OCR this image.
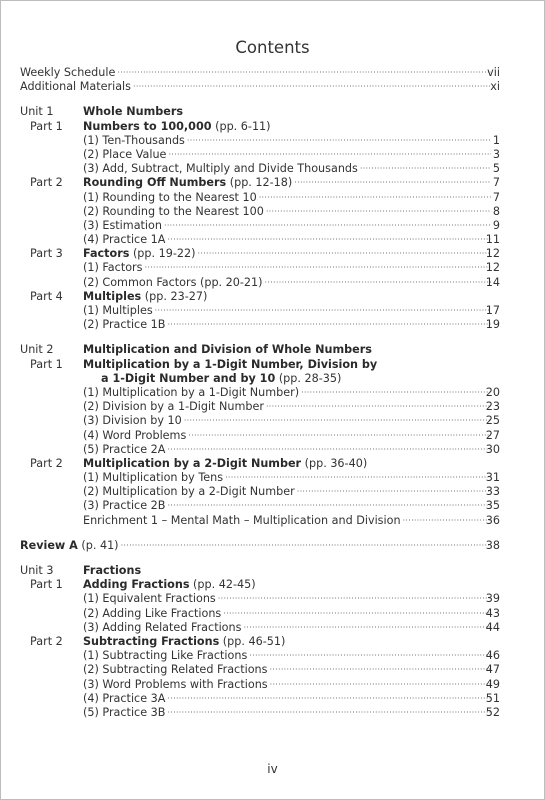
Contents
Weekly Schedule ·····	vii
Additional Materials ·····	xi
Unit 1	Whole Numbers
Part 1 Numbers to 100,000 (pp. 6-11)
(1) Ten-Thousands ·····	1
(2) Place Value ·····	3
(3) Add, Subtract, Multiply and Divide Thousands ·····	5
Part 2 Rounding Off Numbers (pp. 12-18) ·····	7
(1) Rounding to the Nearest 10 ·····	7
(2) Rounding to the Nearest 100 ·····	8
(3) Estimation ·····	9
(4) Practice 1A ·····	11
Part 3 Factors (pp. 19-22) ·····	12
(1) Factors ·····	12
(2) Common Factors (pp. 20-21) ·····	14
Part 4 Multiples (pp. 23-27)
(1) Multiples ·····	17
(2) Practice 1B ·····	19
Unit 2	Multiplication and Division of Whole Numbers
Part 1 Multiplication by a 1-Digit Number, Division by
a 1-Digit Number and by 10 (pp. 28-35)
(1) Multiplication by a 1-Digit Number) ·····	20
(2) Division by a 1-Digit Number ·····	23
(3) Division by 10 ·····	25
(4) Word Problems ·····	27
(5) Practice 2A ·····	30
Part 2 Multiplication by a 2-Digit Number (pp. 36-40)
(1) Multiplication by Tens ·····	31
(2) Multiplication by a 2-Digit Number ·····	33
(3) Practice 2B ·····	35
Enrichment 1 – Mental Math – Multiplication and Division ·····	36
Review A (p. 41) ·····	38
Unit 3	Fractions
Part 1 Adding Fractions (pp. 42-45)
(1) Equivalent Fractions ·····	39
(2) Adding Like Fractions ·····	43
(3) Adding Related Fractions ·····	44
Part 2 Subtracting Fractions (pp. 46-51)
(1) Subtracting Like Fractions ·····	46
(2) Subtracting Related Fractions ·····	47
(3) Word Problems with Fractions ·····	49
(4) Practice 3A ·····	51
(5) Practice 3B ·····	52
iv
